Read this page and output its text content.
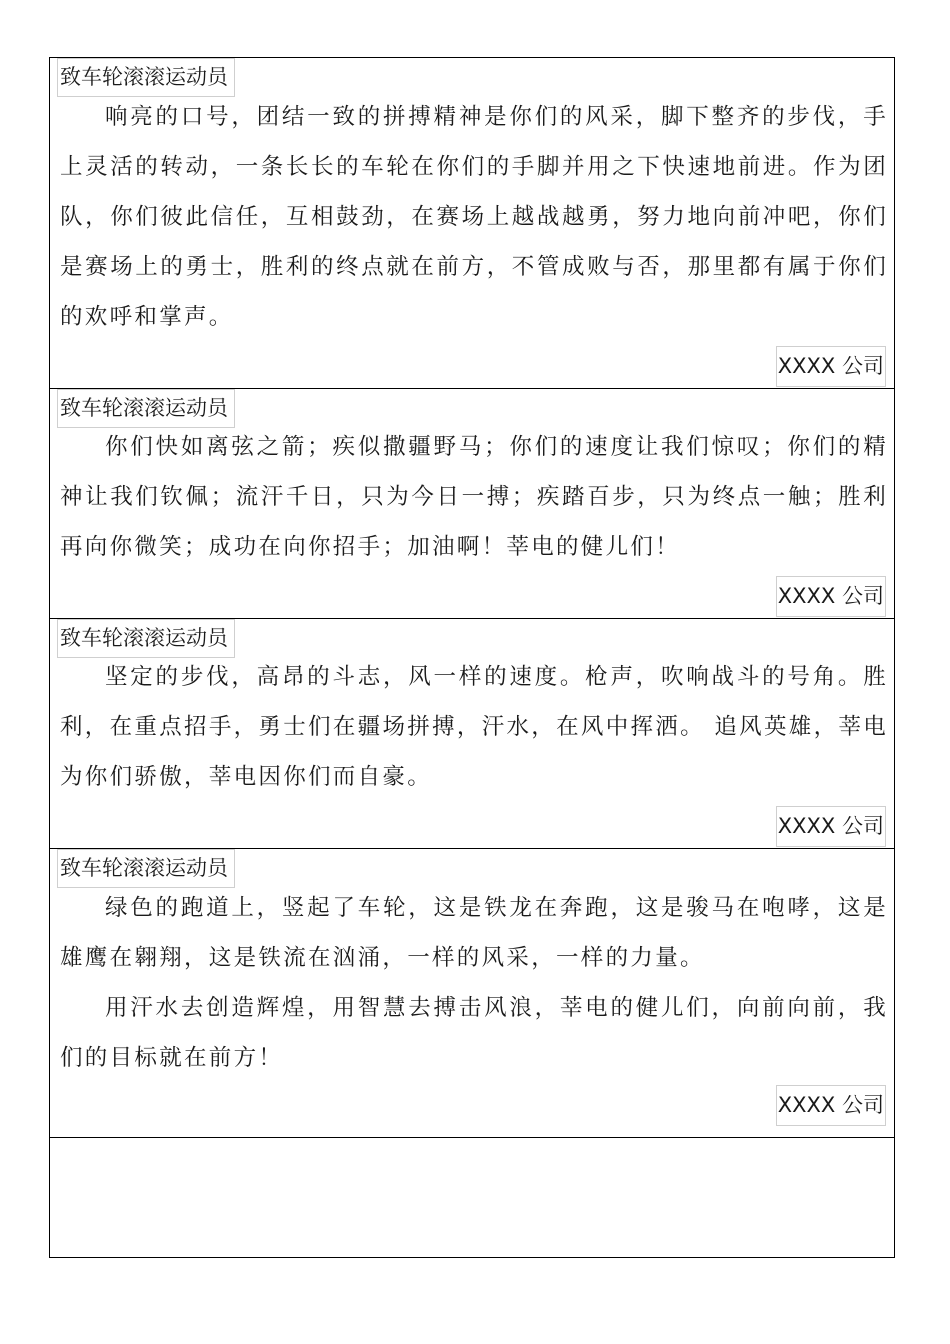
致车轮滚滚运动员

响亮的口号，团结一致的拼搏精神是你们的风采，脚下整齐的步伐，手上灵活的转动，一条长长的车轮在你们的手脚并用之下快速地前进。作为团队，你们彼此信任，互相鼓劲，在赛场上越战越勇，努力地向前冲吧，你们是赛场上的勇士，胜利的终点就在前方，不管成败与否，那里都有属于你们的欢呼和掌声。

XXXX 公司
致车轮滚滚运动员

你们快如离弦之箭；疾似撒疆野马；你们的速度让我们惊叹；你们的精神让我们钦佩；流汗千日，只为今日一搏；疾踏百步，只为终点一触；胜利再向你微笑；成功在向你招手；加油啊！莘电的健儿们！

XXXX 公司
致车轮滚滚运动员

坚定的步伐，高昂的斗志，风一样的速度。枪声，吹响战斗的号角。胜利，在重点招手，勇士们在疆场拼搏，汗水，在风中挥洒。 追风英雄，莘电为你们骄傲，莘电因你们而自豪。

XXXX 公司
致车轮滚滚运动员

绿色的跑道上，竖起了车轮，这是铁龙在奔跑，这是骏马在咆哮，这是雄鹰在翱翔，这是铁流在汹涌，一样的风采，一样的力量。

用汗水去创造辉煌，用智慧去搏击风浪，莘电的健儿们，向前向前，我们的目标就在前方！

XXXX 公司
